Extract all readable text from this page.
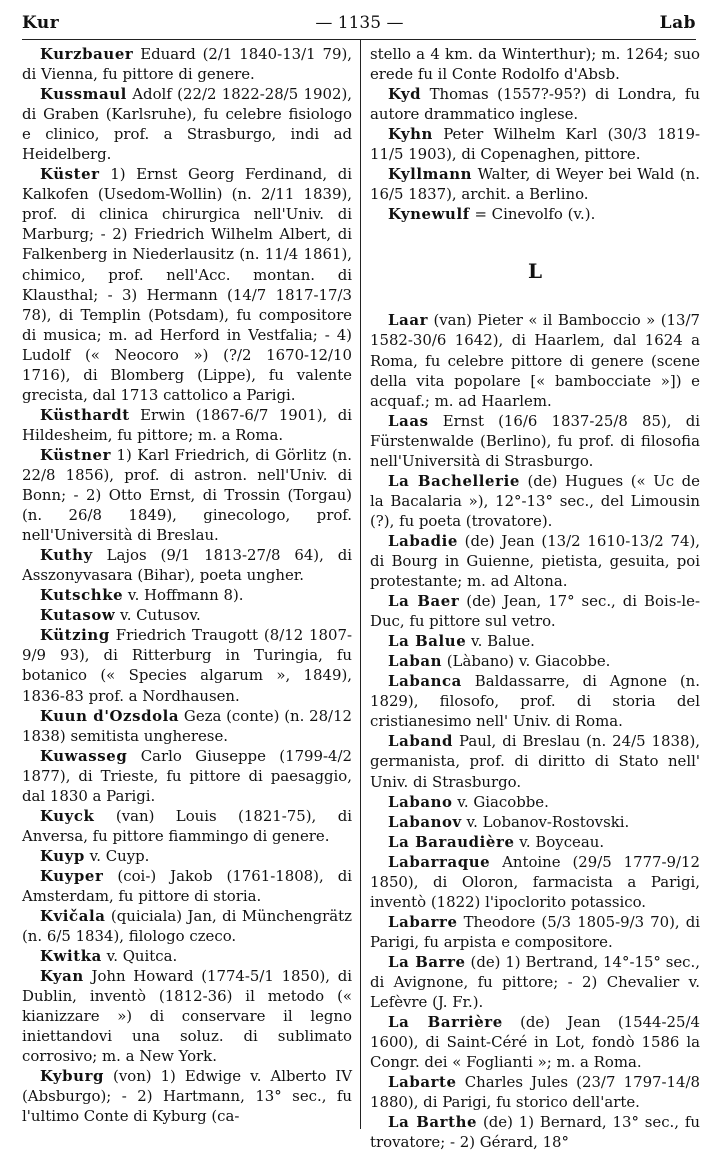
Kur	— 1135 —	Lab

Kurzbauer Eduard (2/1 1840-13/1 79), di Vienna, fu pittore di genere.

Kussmaul Adolf (22/2 1822-28/5 1902), di Graben (Karlsruhe), fu celebre fisiologo e clinico, prof. a Strasburgo, indi ad Heidelberg.

Küster 1) Ernst Georg Ferdinand, di Kalkofen (Usedom-Wollin) (n. 2/11 1839), prof. di clinica chirurgica nell'Univ. di Marburg; - 2) Friedrich Wilhelm Albert, di Falkenberg in Niederlausitz (n. 11/4 1861), chimico, prof. nell'Acc. montan. di Klausthal; - 3) Hermann (14/7 1817-17/3 78), di Templin (Potsdam), fu compositore di musica; m. ad Herford in Vestfalia; - 4) Ludolf (« Neocoro ») (?/2 1670-12/10 1716), di Blomberg (Lippe), fu valente grecista, dal 1713 cattolico a Parigi.

Küsthardt Erwin (1867-6/7 1901), di Hildesheim, fu pittore; m. a Roma.

Küstner 1) Karl Friedrich, di Görlitz (n. 22/8 1856), prof. di astron. nell'Univ. di Bonn; - 2) Otto Ernst, di Trossin (Torgau) (n. 26/8 1849), ginecologo, prof. nell'Università di Breslau.

Kuthy Lajos (9/1 1813-27/8 64), di Asszonyvasara (Bihar), poeta ungher.

Kutschke v. Hoffmann 8).

Kutasow v. Cutusov.

Kützing Friedrich Traugott (8/12 1807-9/9 93), di Ritterburg in Turingia, fu botanico (« Species algarum », 1849), 1836-83 prof. a Nordhausen.

Kuun d'Ozsdola Geza (conte) (n. 28/12 1838) semitista ungherese.

Kuwasseg Carlo Giuseppe (1799-4/2 1877), di Trieste, fu pittore di paesaggio, dal 1830 a Parigi.

Kuyck (van) Louis (1821-75), di Anversa, fu pittore fiammingo di genere.

Kuyp v. Cuyp.

Kuyper (coi-) Jakob (1761-1808), di Amsterdam, fu pittore di storia.

Kvičala (quiciala) Jan, di Münchengrätz (n. 6/5 1834), filologo czeco.

Kwitka v. Quitca.

Kyan John Howard (1774-5/1 1850), di Dublin, inventò (1812-36) il metodo (« kianizzare ») di conservare il legno iniettandovi una soluz. di sublimato corrosivo; m. a New York.

Kyburg (von) 1) Edwige v. Alberto IV (Absburgo); - 2) Hartmann, 13° sec., fu l'ultimo Conte di Kyburg (ca-

stello a 4 km. da Winterthur); m. 1264; suo erede fu il Conte Rodolfo d'Absb.

Kyd Thomas (1557?-95?) di Londra, fu autore drammatico inglese.

Kyhn Peter Wilhelm Karl (30/3 1819-11/5 1903), di Copenaghen, pittore.

Kyllmann Walter, di Weyer bei Wald (n. 16/5 1837), archit. a Berlino.

Kynewulf = Cinevolfo (v.).

L

Laar (van) Pieter « il Bamboccio » (13/7 1582-30/6 1642), di Haarlem, dal 1624 a Roma, fu celebre pittore di genere (scene della vita popolare [« bambocciate »]) e acquaf.; m. ad Haarlem.

Laas Ernst (16/6 1837-25/8 85), di Fürstenwalde (Berlino), fu prof. di filosofia nell'Università di Strasburgo.

La Bachellerie (de) Hugues (« Uc de la Bacalaria »), 12°-13° sec., del Limousin (?), fu poeta (trovatore).

Labadie (de) Jean (13/2 1610-13/2 74), di Bourg in Guienne, pietista, gesuita, poi protestante; m. ad Altona.

La Baer (de) Jean, 17° sec., di Bois-le-Duc, fu pittore sul vetro.

La Balue v. Balue.

Laban (Làbano) v. Giacobbe.

Labanca Baldassarre, di Agnone (n. 1829), filosofo, prof. di storia del cristianesimo nell' Univ. di Roma.

Laband Paul, di Breslau (n. 24/5 1838), germanista, prof. di diritto di Stato nell' Univ. di Strasburgo.

Labano v. Giacobbe.

Labanov v. Lobanov-Rostovski.

La Baraudière v. Boyceau.

Labarraque Antoine (29/5 1777-9/12 1850), di Oloron, farmacista a Parigi, inventò (1822) l'ipoclorito potassico.

Labarre Theodore (5/3 1805-9/3 70), di Parigi, fu arpista e compositore.

La Barre (de) 1) Bertrand, 14°-15° sec., di Avignone, fu pittore; - 2) Chevalier v. Lefèvre (J. Fr.).

La Barrière (de) Jean (1544-25/4 1600), di Saint-Céré in Lot, fondò 1586 la Congr. dei « Foglianti »; m. a Roma.

Labarte Charles Jules (23/7 1797-14/8 1880), di Parigi, fu storico dell'arte.

La Barthe (de) 1) Bernard, 13° sec., fu trovatore; - 2) Gérard, 18°
